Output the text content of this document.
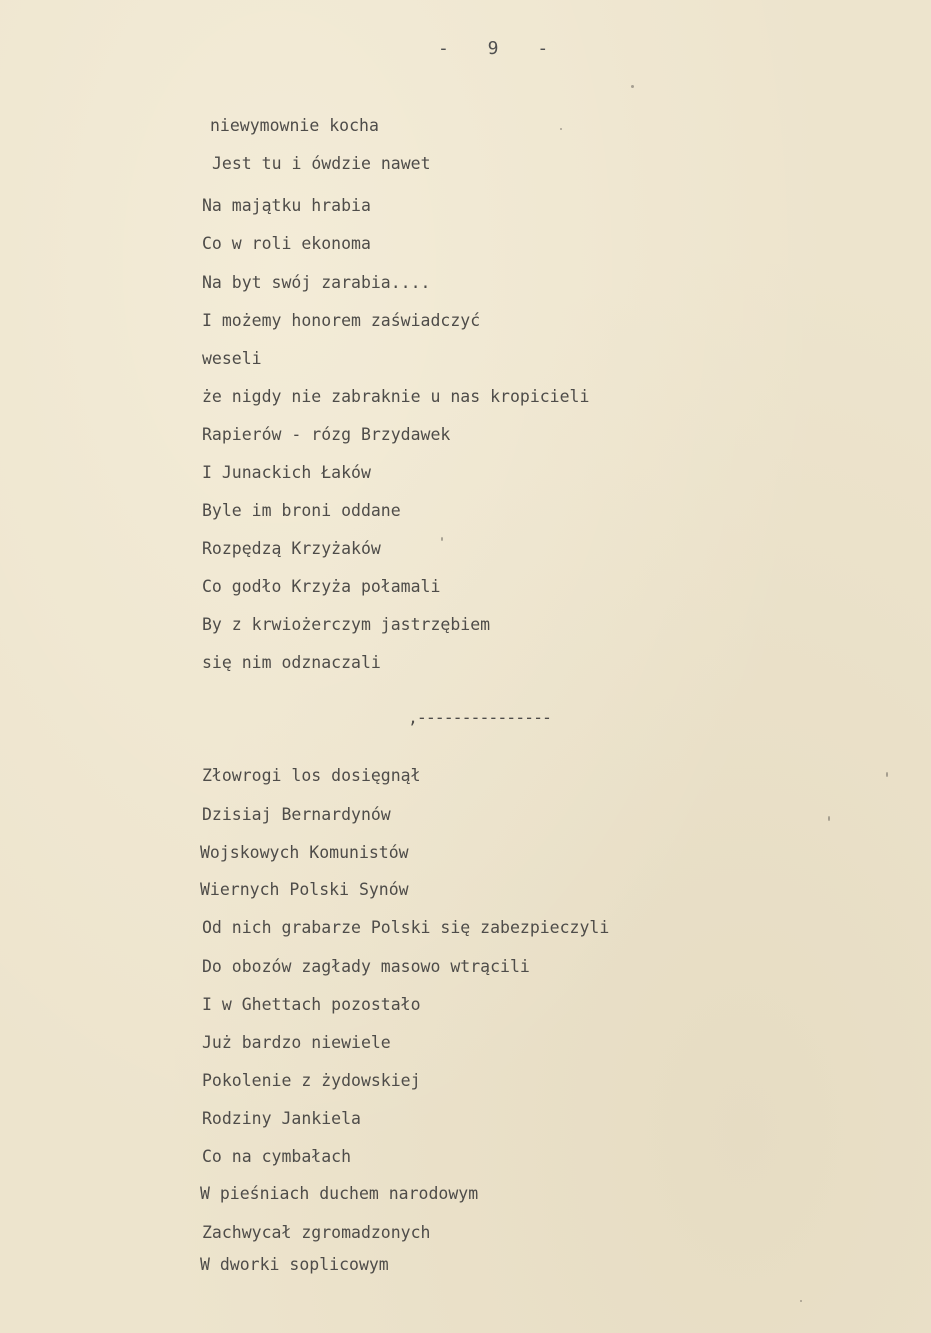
- 9 -
niewymownie kocha
Jest tu i ówdzie nawet
Na majątku hrabia
Co w roli ekonoma
Na byt swój zarabia....
I możemy honorem zaświadczyć
weseli
że nigdy nie zabraknie u nas kropicieli
Rapierów - rózg Brzydawek
I Junackich Łaków
Byle im broni oddane
Rozpędzą Krzyżaków
Co godło Krzyża połamali
By z krwiożerczym jastrzębiem
się nim odznaczali
,---------------
Złowrogi los dosięgnął
Dzisiaj Bernardynów
Wojskowych Komunistów
Wiernych Polski Synów
Od nich grabarze Polski się zabezpieczyli
Do obozów zagłady masowo wtrącili
I w Ghettach pozostało
Już bardzo niewiele
Pokolenie z żydowskiej
Rodziny Jankiela
Co na cymbałach
W pieśniach duchem narodowym
Zachwycał zgromadzonych
W dworki soplicowym
